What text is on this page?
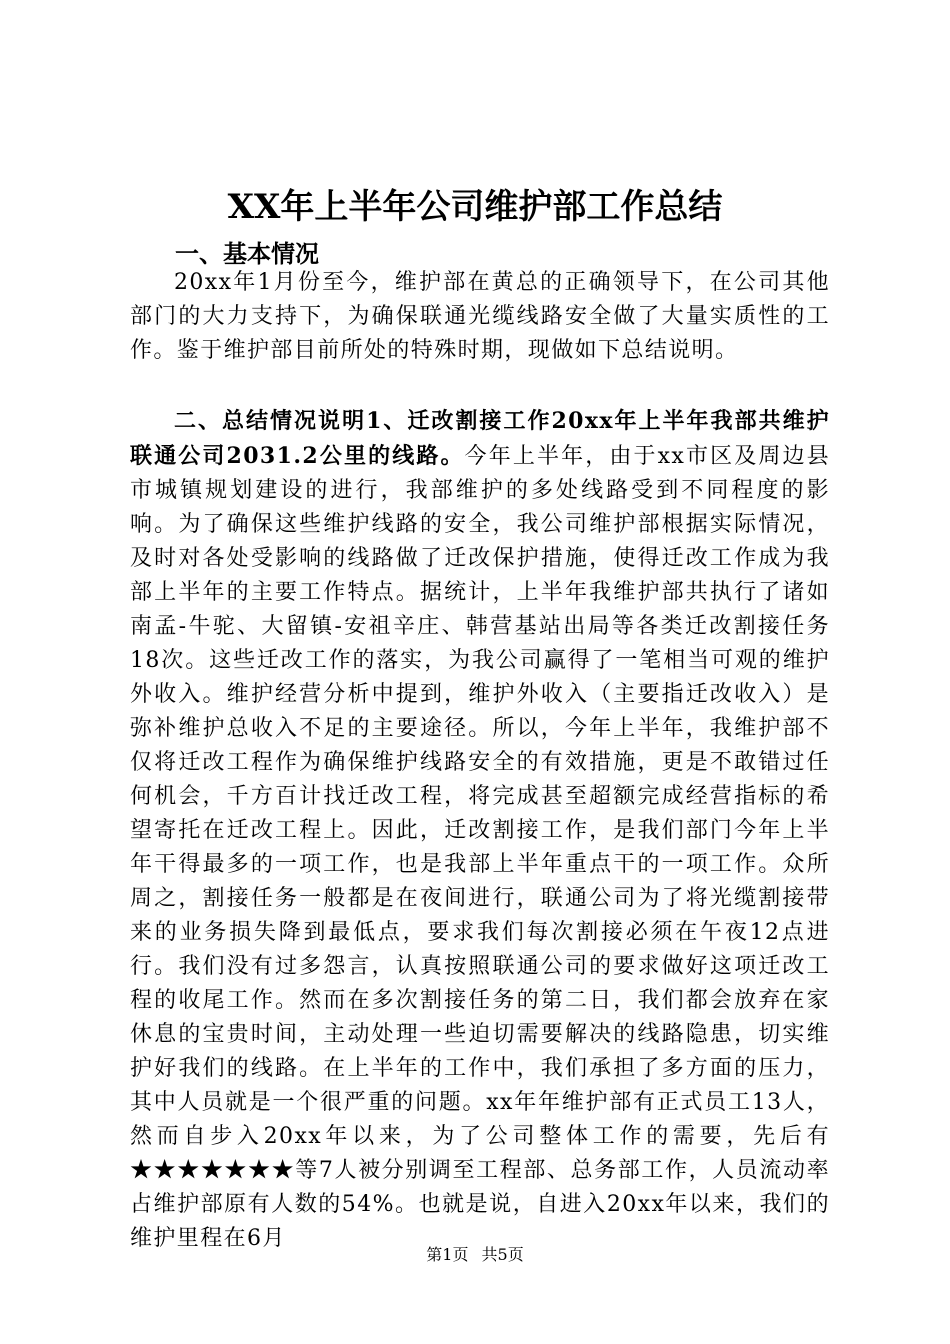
XX年上半年公司维护部工作总结
一、基本情况

20xx年1月份至今，维护部在黄总的正确领导下，在公司其他部门的大力支持下，为确保联通光缆线路安全做了大量实质性的工作。鉴于维护部目前所处的特殊时期，现做如下总结说明。

二、总结情况说明1、迁改割接工作20xx年上半年我部共维护联通公司2031.2公里的线路。今年上半年，由于xx市区及周边县市城镇规划建设的进行，我部维护的多处线路受到不同程度的影响。为了确保这些维护线路的安全，我公司维护部根据实际情况，及时对各处受影响的线路做了迁改保护措施，使得迁改工作成为我部上半年的主要工作特点。据统计，上半年我维护部共执行了诸如南孟-牛驼、大留镇-安祖辛庄、韩营基站出局等各类迁改割接任务18次。这些迁改工作的落实，为我公司赢得了一笔相当可观的维护外收入。维护经营分析中提到，维护外收入（主要指迁改收入）是弥补维护总收入不足的主要途径。所以，今年上半年，我维护部不仅将迁改工程作为确保维护线路安全的有效措施，更是不敢错过任何机会，千方百计找迁改工程，将完成甚至超额完成经营指标的希望寄托在迁改工程上。因此，迁改割接工作，是我们部门今年上半年干得最多的一项工作，也是我部上半年重点干的一项工作。众所周之，割接任务一般都是在夜间进行，联通公司为了将光缆割接带来的业务损失降到最低点，要求我们每次割接必须在午夜12点进行。我们没有过多怨言，认真按照联通公司的要求做好这项迁改工程的收尾工作。然而在多次割接任务的第二日，我们都会放弃在家休息的宝贵时间，主动处理一些迫切需要解决的线路隐患，切实维护好我们的线路。在上半年的工作中，我们承担了多方面的压力，其中人员就是一个很严重的问题。xx年年维护部有正式员工13人，然而自步入20xx年以来，为了公司整体工作的需要，先后有★★★★★★★等7人被分别调至工程部、总务部工作，人员流动率占维护部原有人数的54%。也就是说，自进入20xx年以来，我们的维护里程在6月

第1页 共5页
